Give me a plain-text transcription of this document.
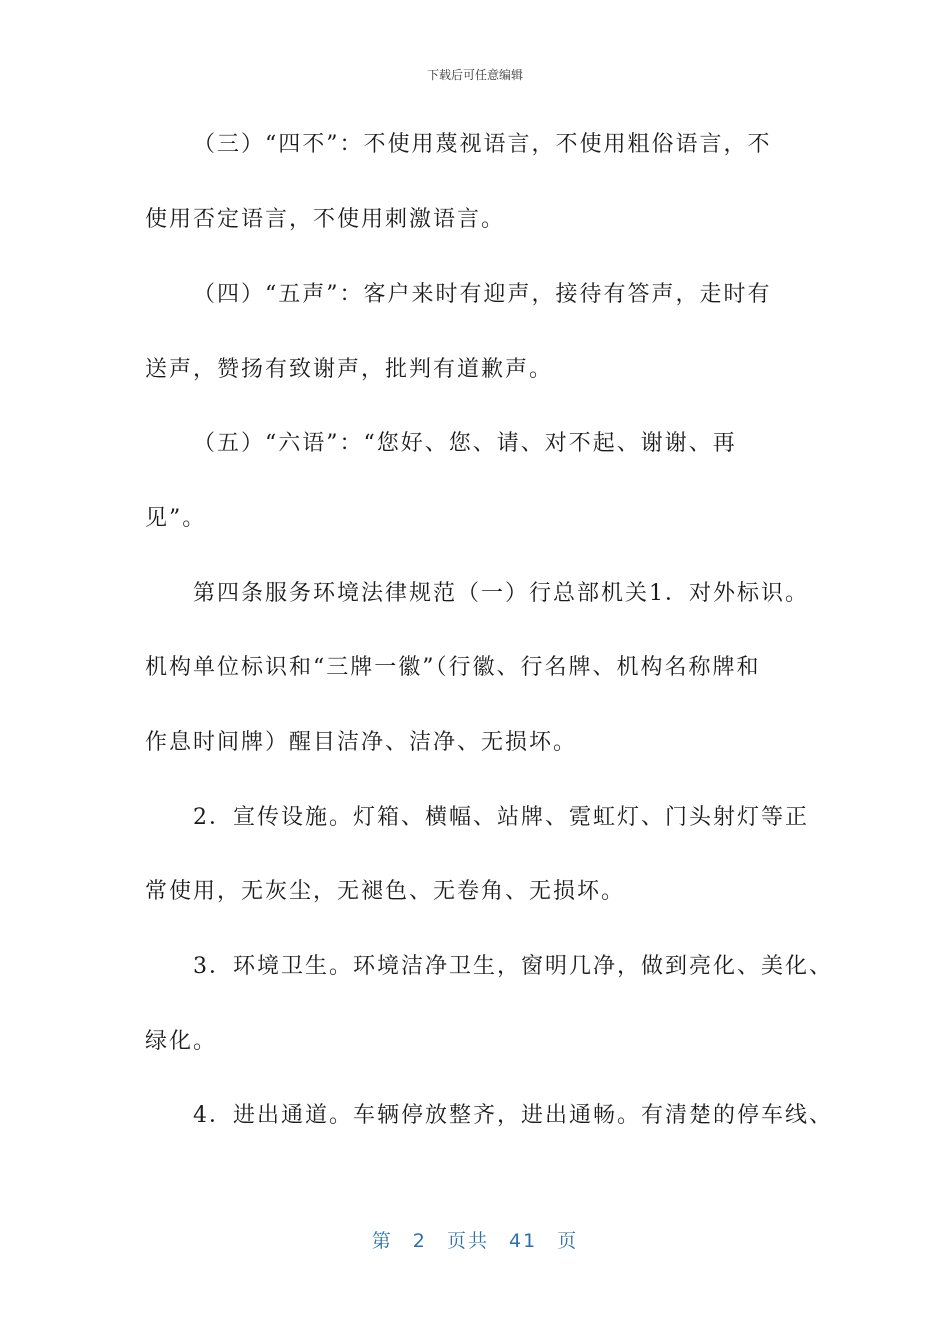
下载后可任意编辑
（三）“四不”：不使用蔑视语言，不使用粗俗语言，不
使用否定语言，不使用刺激语言。
（四）“五声”：客户来时有迎声，接待有答声，走时有
送声，赞扬有致谢声，批判有道歉声。
（五）“六语”：“您好、您、请、对不起、谢谢、再
见”。
第四条服务环境法律规范（一）行总部机关1．对外标识。
机构单位标识和“三牌一徽”（行徽、行名牌、机构名称牌和
作息时间牌）醒目洁净、洁净、无损坏。
2．宣传设施。灯箱、横幅、站牌、霓虹灯、门头射灯等正
常使用，无灰尘，无褪色、无卷角、无损坏。
3．环境卫生。环境洁净卫生，窗明几净，做到亮化、美化、
绿化。
4．进出通道。车辆停放整齐，进出通畅。有清楚的停车线、
第 2 页共 41 页
